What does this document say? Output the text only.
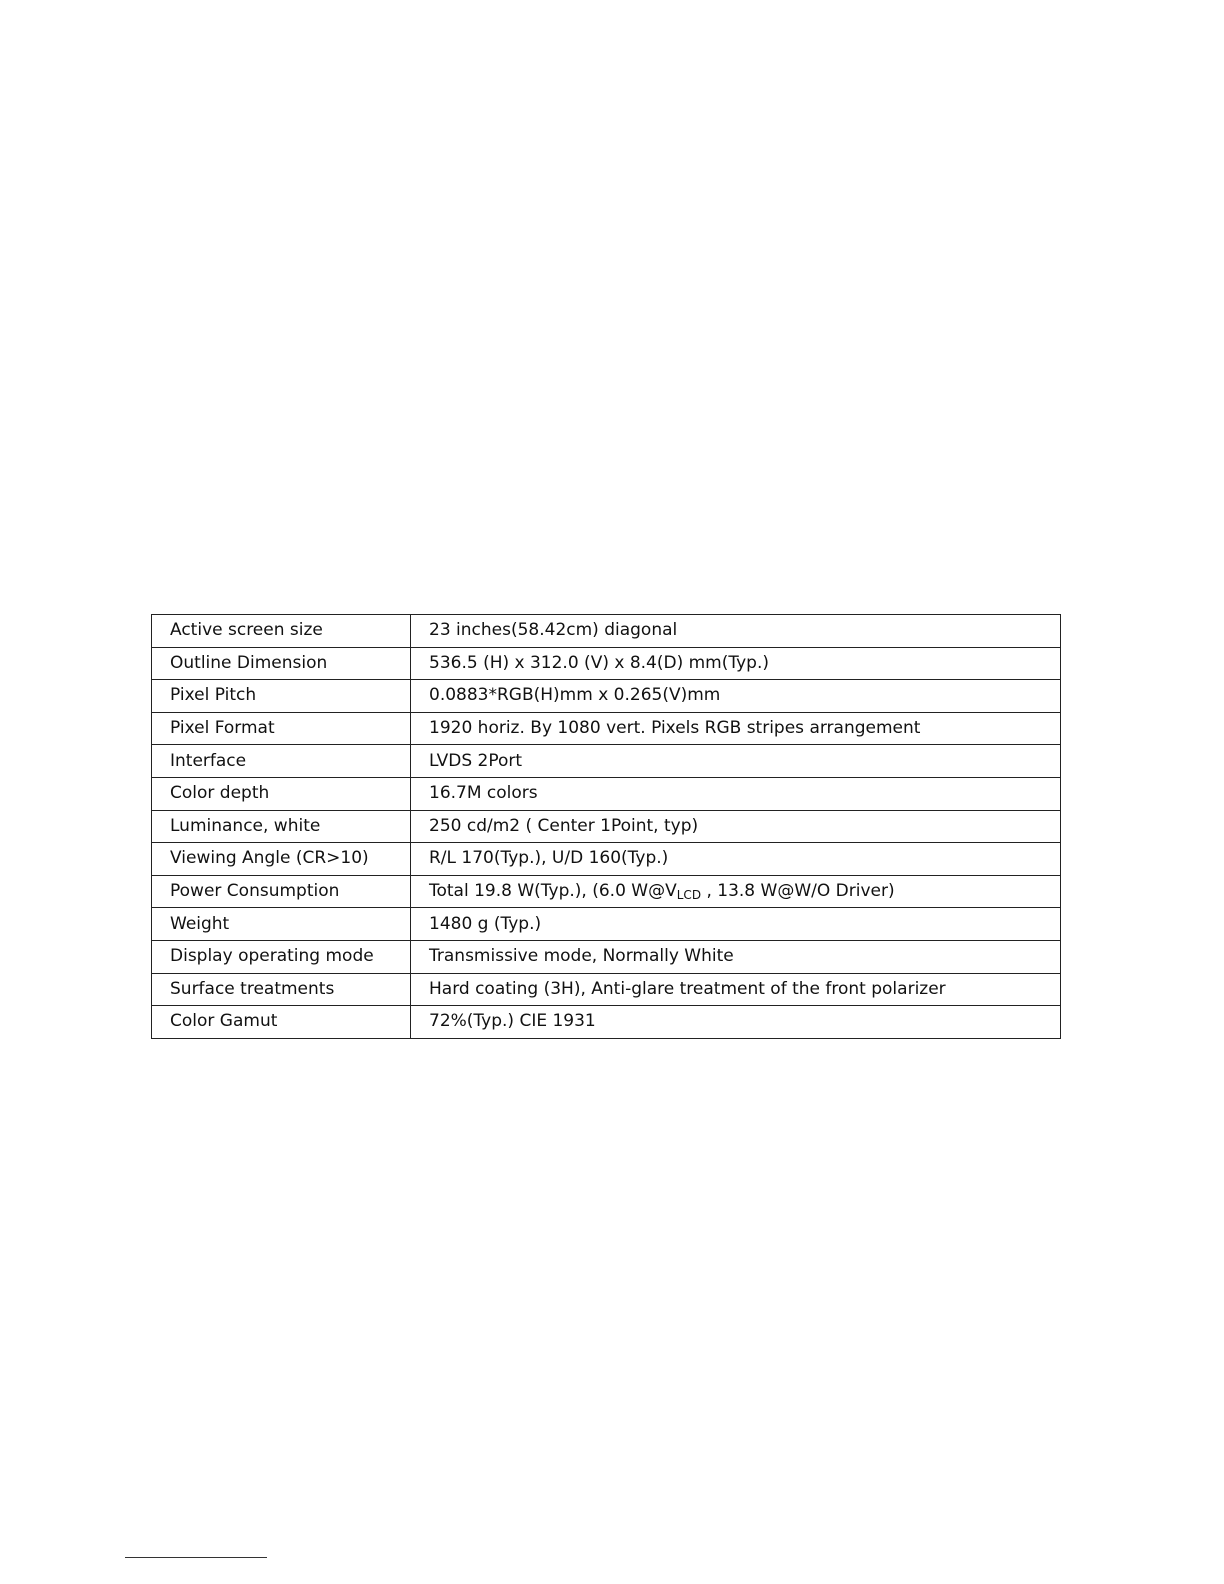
Active screen size	23 inches(58.42cm) diagonal
Outline Dimension	536.5 (H) x 312.0 (V) x 8.4(D) mm(Typ.)
Pixel Pitch	0.0883*RGB(H)mm x 0.265(V)mm
Pixel Format	1920 horiz. By 1080 vert. Pixels RGB stripes arrangement
Interface	LVDS 2Port
Color depth	16.7M colors
Luminance, white	250 cd/m2 ( Center 1Point, typ)
Viewing Angle (CR>10)	R/L 170(Typ.), U/D 160(Typ.)
Power Consumption	Total 19.8 W(Typ.), (6.0 $W@V_{LCD}$ , 13.8 W@W/O Driver)
Weight	1480 g (Typ.)
Display operating mode	Transmissive mode, Normally White
Surface treatments	Hard coating (3H), Anti-glare treatment of the front polarizer
Color Gamut	72%(Typ.) CIE 1931
